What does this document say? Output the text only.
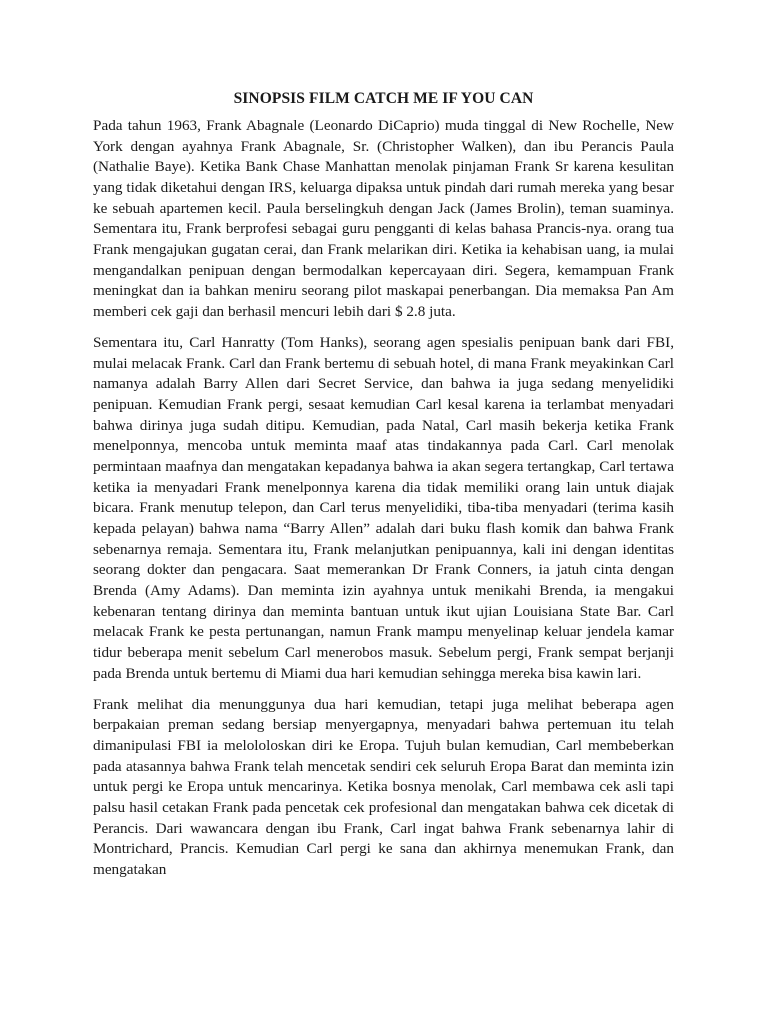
SINOPSIS FILM CATCH ME IF YOU CAN

Pada tahun 1963, Frank Abagnale (Leonardo DiCaprio) muda tinggal di New Rochelle, New York dengan ayahnya Frank Abagnale, Sr. (Christopher Walken), dan ibu Perancis Paula (Nathalie Baye). Ketika Bank Chase Manhattan menolak pinjaman Frank Sr karena kesulitan yang tidak diketahui dengan IRS, keluarga dipaksa untuk pindah dari rumah mereka yang besar ke sebuah apartemen kecil. Paula berselingkuh dengan Jack (James Brolin), teman suaminya. Sementara itu, Frank berprofesi sebagai guru pengganti di kelas bahasa Prancis-nya. orang tua Frank mengajukan gugatan cerai, dan Frank melarikan diri. Ketika ia kehabisan uang, ia mulai mengandalkan penipuan dengan bermodalkan kepercayaan diri. Segera, kemampuan Frank meningkat dan ia bahkan meniru seorang pilot maskapai penerbangan. Dia memaksa Pan Am memberi cek gaji dan berhasil mencuri lebih dari $ 2.8 juta.

Sementara itu, Carl Hanratty (Tom Hanks), seorang agen spesialis penipuan bank dari FBI, mulai melacak Frank. Carl dan Frank bertemu di sebuah hotel, di mana Frank meyakinkan Carl namanya adalah Barry Allen dari Secret Service, dan bahwa ia juga sedang menyelidiki penipuan. Kemudian Frank pergi, sesaat kemudian Carl kesal karena ia terlambat menyadari bahwa dirinya juga sudah ditipu. Kemudian, pada Natal, Carl masih bekerja ketika Frank menelponnya, mencoba untuk meminta maaf atas tindakannya pada Carl. Carl menolak permintaan maafnya dan mengatakan kepadanya bahwa ia akan segera tertangkap, Carl tertawa ketika ia menyadari Frank menelponnya karena dia tidak memiliki orang lain untuk diajak bicara. Frank menutup telepon, dan Carl terus menyelidiki, tiba-tiba menyadari (terima kasih kepada pelayan) bahwa nama “Barry Allen” adalah dari buku flash komik dan bahwa Frank sebenarnya remaja. Sementara itu, Frank melanjutkan penipuannya, kali ini dengan identitas seorang dokter dan pengacara. Saat memerankan Dr Frank Conners, ia jatuh cinta dengan Brenda (Amy Adams). Dan meminta izin ayahnya untuk menikahi Brenda, ia mengakui kebenaran tentang dirinya dan meminta bantuan untuk ikut ujian Louisiana State Bar. Carl melacak Frank ke pesta pertunangan, namun Frank mampu menyelinap keluar jendela kamar tidur beberapa menit sebelum Carl menerobos masuk. Sebelum pergi, Frank sempat berjanji pada Brenda untuk bertemu di Miami dua hari kemudian sehingga mereka bisa kawin lari.

Frank melihat dia menunggunya dua hari kemudian, tetapi juga melihat beberapa agen berpakaian preman sedang bersiap menyergapnya, menyadari bahwa pertemuan itu telah dimanipulasi FBI ia melololoskan diri ke Eropa. Tujuh bulan kemudian, Carl membeberkan pada atasannya bahwa Frank telah mencetak sendiri cek seluruh Eropa Barat dan meminta izin untuk pergi ke Eropa untuk mencarinya. Ketika bosnya menolak, Carl membawa cek asli tapi palsu hasil cetakan Frank pada pencetak cek profesional dan mengatakan bahwa cek dicetak di Perancis. Dari wawancara dengan ibu Frank, Carl ingat bahwa Frank sebenarnya lahir di Montrichard, Prancis. Kemudian Carl pergi ke sana dan akhirnya menemukan Frank, dan mengatakan
